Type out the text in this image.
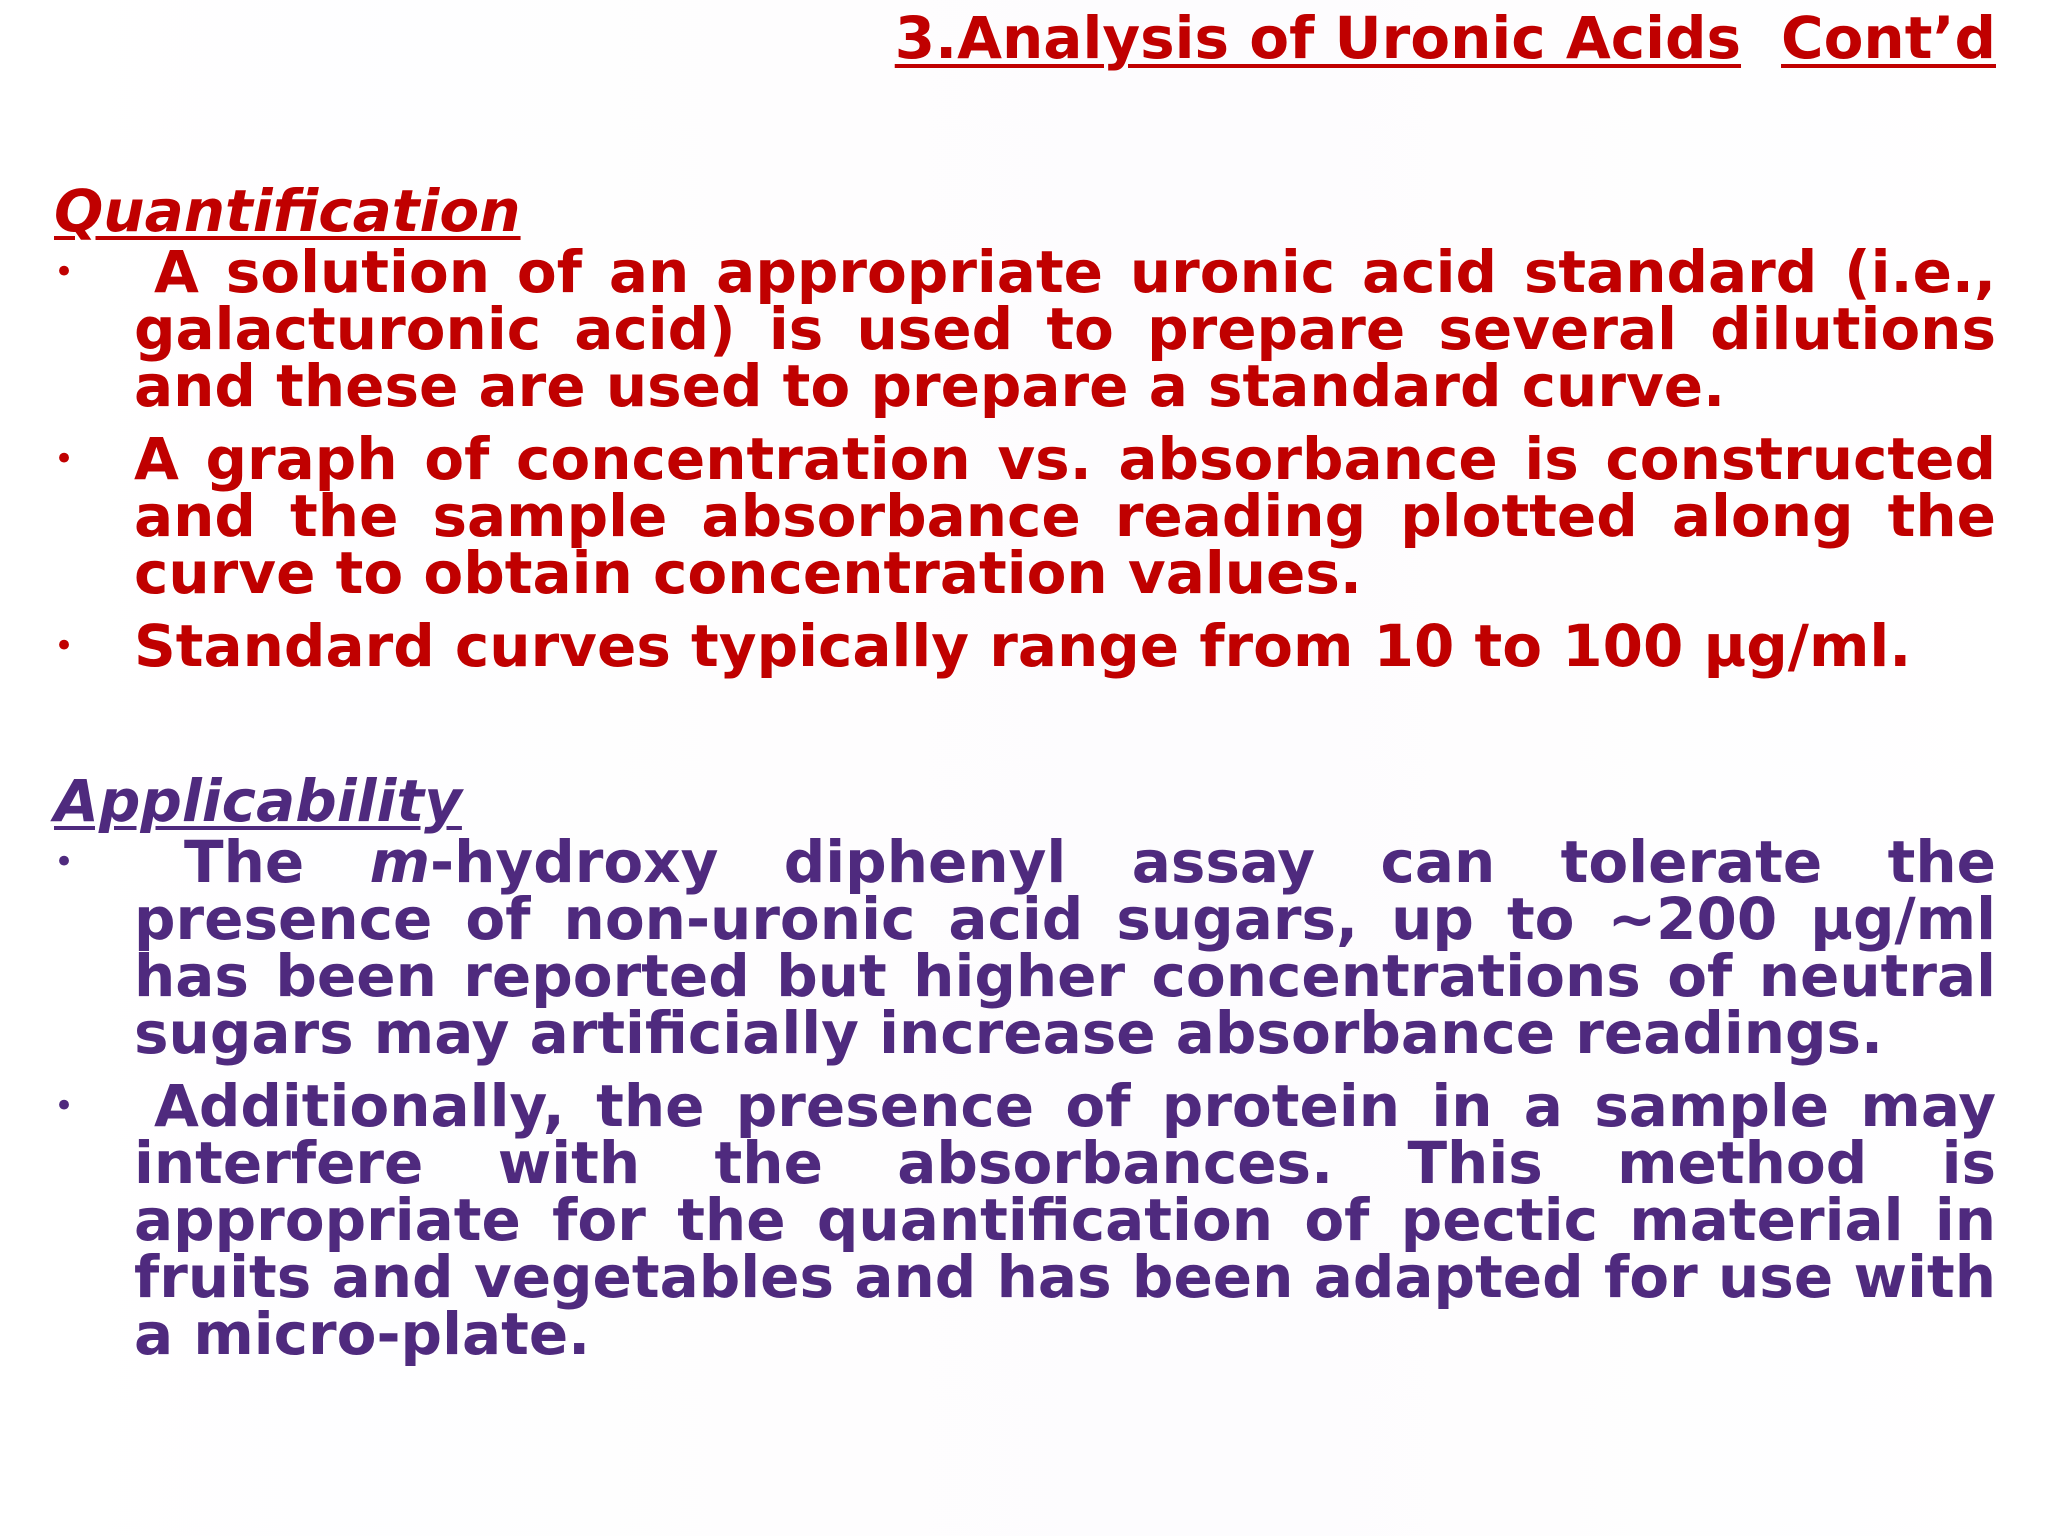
3.Analysis of Uronic Acids Cont’d
Quantification
• A solution of an appropriate uronic acid standard (i.e., galacturonic acid) is used to prepare several dilutions and these are used to prepare a standard curve.
• A graph of concentration vs. absorbance is constructed and the sample absorbance reading plotted along the curve to obtain concentration values.
• Standard curves typically range from 10 to 100 µg/ml.
Applicability
• The m-hydroxy diphenyl assay can tolerate the presence of non-uronic acid sugars, up to ~200 µg/ml has been reported but higher concentrations of neutral sugars may artificially increase absorbance readings.
• Additionally, the presence of protein in a sample may interfere with the absorbances. This method is appropriate for the quantification of pectic material in fruits and vegetables and has been adapted for use with a micro-plate.
